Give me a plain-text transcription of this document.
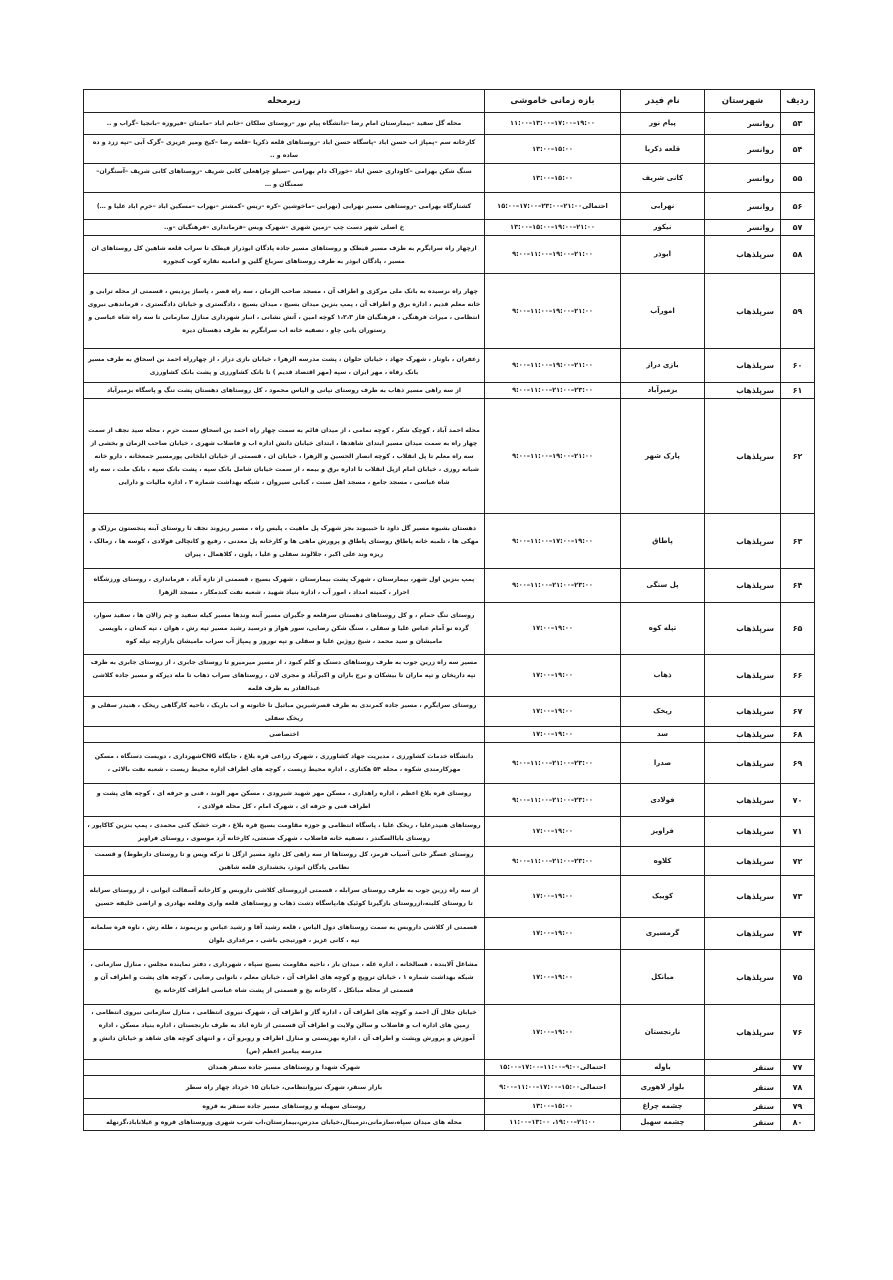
ردیف	شهرستان	نام فیدر	بازه زمانی خاموشی	زیرمحله
۵۳	روانسر	پیام نور	۱۹:۰۰–۱۷:۰۰–۱۳:۰۰–۱۱:۰۰	محله گل سفید –بیمارستان امام رضا –دانشگاه پیام نور –روستای سلکان –خانم اباد –مامتان –فیروزه –بانجیا –گراب و ..
۵۴	روانسر	قلعه ذکریا	۱۵:۰۰–۱۳:۰۰	کارخانه سم –پمپاژ اب حسن اباد –پاسگاه حسن اباد –روستاهای قلعه ذکریا –قلعه رضا –کیخ ومیر عزیزی –گرک آبی –تپه زرد و ده ساده و ..
۵۵	روانسر	کانی شریف	۱۵:۰۰–۱۳:۰۰	سنگ شکن بهرامی –کاوداری حسن اباد –خوراک دام بهرامی –سیلو چراهعلی کانی شریف –روستاهای کانی شریف –آسنگران– سمنگان و …
۵۶	روانسر	نهرابی	احتمالی۲۱:۰۰–۲۳:۰۰–۱۷:۰۰–۱۵:۰۰	کشتارگاه بهرامی –روستاهی مسیر نهرابی (نهرابی –ماخوشین –کره –ریس –کمشتر –نهراب –مسکین اباد –خرم اباد علیا و …)
۵۷	روانسر	نیکور	۲۱:۰۰–۱۹:۰۰–۱۵:۰۰–۱۳:۰۰	خ اصلی شهر دست چپ –زمین شهری –شهرک ویس –فرمانداری –فرهنگیان –و..
۵۸	سرپلذهاب	ابوذر	۲۱:۰۰–۱۹:۰۰–۱۱:۰۰–۹:۰۰	ازچهار راه سرابگرم به طرف مسیر قیطک و روستاهای مسیر جاده پادگان ابوذراز قیطک تا سراب قلعه شاهین کل روستاهای ان مسیر ، پادگان ابوذر به طرف روستاهای سرباغ گلین و امامیه نقاره کوب کنجوره
۵۹	سرپلذهاب	امورآب	۲۱:۰۰–۱۹:۰۰–۱۱:۰۰–۹:۰۰	چهار راه نرسیده به بانک ملی مرکزی و اطراف آن ، مسجد صاحب الزمان ، سه راه قصر ، پاساژ پردیس ، قسمتی از محله ترابی و خانه معلم قدیم ، اداره برق و اطراف آن ، پمپ بنزین میدان بسیج ، میدان بسیج ، دادگستری و خیابان دادگستری ، فرماندهی نیروی انتظامی ، میراث فرهنگی ، فرهنگیان فاز ۱،۲،۳ کوچه امین ، آتش نشانی ، انبار شهرداری منازل سازمانی تا سه راه شاه عباسی و رستوران بانی چاو ، تصفیه خانه اب سرابگرم به طرف دهستان دیره
۶۰	سرپلذهاب	بازی دراز	۲۱:۰۰–۱۹:۰۰–۱۱:۰۰–۹:۰۰	زعفران ، باونار ، شهرک جهاد ، خیابان حلوان ، پشت مدرسه الزهرا ، خیابان بازی دراز ، از چهارراه احمد بن اسحاق به طرف مسیر بانک رفاه ، مهر ایران ، سپه (مهر اقتصاد قدیم ) تا بانک کشاورزی و پشت بانک کشاورزی
۶۱	سرپلذهاب	بزمیرآباد	۲۳:۰۰–۲۱:۰۰–۱۱:۰۰–۹:۰۰	از سه راهی مسیر ذهاب به طرف روستای تپانی و الیاس محمود ، کل روستاهای دهستان پشت تنگ و پاسگاه بزمیرآباد
۶۲	سرپلذهاب	پارک شهر	۲۱:۰۰–۱۹:۰۰–۱۱:۰۰–۹:۰۰	محله احمد آباد ، کوچک شکر ، کوچه تمامی ، از میدان قائم به سمت چهار راه احمد بن اسحاق سمت حرم ، محله سید نجف از سمت چهار راه به سمت میدان مسیر ابتدای شاهدها ، ابتدای خیابان دانش اداره اب و فاضلاب شهری ، خیابان صاحب الزمان و بخشی از سه راه معلم تا پل انقلاب ، کوچه انصار الحسین و الزهرا ، خیابان ان ، قسمتی از خیابان ابلخانی پورمسیر جمعخانه ، دارو خانه شبانه روزی ، خیابان امام ازپل انقلاب تا اداره برق و بیمه ، از سمت خیابان شامل بانک سپه ، پشت بانک سپه ، بانک ملت ، سه راه شاه عباسی ، مسجد جامع ، مسجد اهل سنت ، کبابی سیروان ، شبکه بهداشت شماره ۲ ، اداره مالیات و دارایی
۶۳	سرپلذهاب	پاطاق	۱۹:۰۰–۱۷:۰۰–۱۱:۰۰–۹:۰۰	دهستان بشیوه مسیر گل داود تا حبیبوند بجز شهرک پل ماهیت ، پلیس راه ، مسیر ریزوند نجف تا روستای آبنه پنجستون برزلک و مهکی ها ، تلمبه خانه پاطاق روستای پاطاق و پرورش ماهی ها و کارخانه پل معدنی ، رفیع و کانچالی فولادی ، کوسه ها ، زمالک ، ریزه وند علی اکبر ، جلالوند سفلی و علیا ، پلون ، کلاهمال ، پیران
۶۴	سرپلذهاب	پل سنگی	۲۳:۰۰–۲۱:۰۰–۱۱:۰۰–۹:۰۰	پمپ بنزین اول شهر، بیمارستان ، شهرک پشت بیمارستان ، شهرک بسیج ، قسمتی از تازه آباد ، فرمانداری ، روستای ورزشگاه احرار ، کمیته امداد ، امور آب ، اداره بنیاد شهید ، شعبه نفت کندمکار ، مسجد الزهرا
۶۵	سرپلذهاب	تپله کوه	۱۹:۰۰–۱۷:۰۰	روستای تنگ حمام ، و کل روستاهای دهستان سرقلعه و جگیران مسیر آبنه وندها مسیر کیله سفید و چم زالان ها ، سفید سوار، گرده نو آمام عباس علیا و سفلی ، سنگ شکن رضایی، سور هوار و درسید رشید مسیر تپه رش ، هوان ، تپه کنعان ، باویسی مامیشان و سید محمد ، شیخ روژین علیا و سفلی و تپه نوروز و پمپاژ آب سراب مامیشان بازارچه تپله کوه
۶۶	سرپلذهاب	ذهاب	۱۹:۰۰–۱۷:۰۰	مسیر سه راه زرین جوب به طرف روستاهای دستک و کلم کبود ، از مسیر میرمیرو تا روستای جابری ، از روستای جابری به طرف تپه داریخان و تپه ماران تا بیشکان و برج باران و اکبرآباد و مجری لان ، روستاهای سراب ذهاب تا مله دیزکه و مسیر جاده کلاشی عبدالقادر به طرف قلمه
۶۷	سرپلذهاب	ریخک	۱۹:۰۰–۱۷:۰۰	روستای سرابگرم ، مسیر جاده کمرندی به طرف قصرشیرین مباتیل تا خانوته و اب باریک ، تاحیه کارگاهی ریخک ، هنیدر سفلی و ریخک سفلی
۶۸	سرپلذهاب	سد	۱۹:۰۰–۱۷:۰۰	اختصاصی
۶۹	سرپلذهاب	صدرا	۲۳:۰۰–۲۱:۰۰–۱۱:۰۰–۹:۰۰	دانشگاه خدمات کشاورزی ، مدیریت جهاد کشاورزی ، شهرک زراعی قره بلاغ ، جایگاه CNGشهرداری ، دویست دستگاه ، مسکن مهرکارمندی شکوه ، محله ۵۴ هکتاری ، اداره محیط زیست ، کوچه های اطراف اداره محیط زیست ، شعبه نفت بالائی ،
۷۰	سرپلذهاب	فولادی	۲۳:۰۰–۲۱:۰۰–۱۱:۰۰–۹:۰۰	روستای قره بلاغ اعظم ، اداره راهداری ، مسکن مهر شهید شیرودی ، مسکن مهر الوند ، فنی و حرفه ای ، کوچه های پشت و اطراف فنی و حرفه ای ، شهرک امام ، کل محله فولادی ،
۷۱	سرپلذهاب	فراویز	۱۹:۰۰–۱۷:۰۰	روستاهای هنیدرعلیا ، ریخک علیا ، پاسگاه انتظامی و حوزه مقاومت بسیج قره بلاغ ، فرت خشک کنی محمدی ، پمپ بنزین کاکاپور ، روستای باباالسکندر ، تصفیه خانه فاضلاب ، شهرک صنعتی، کارخانه آرد موسوی ، روستای فراویز
۷۲	سرپلذهاب	کلاوه	۲۳:۰۰–۲۱:۰۰–۱۱:۰۰–۹:۰۰	روستای عسگر خانی آسیاب قرمز، کل روستاها از سه راهی کل داود مسیر ازگل تا ترکه ویس و تا روستای دارطوط) و قسمت نظامی پادگان ابوذر، بخشداری قلعه شاهین
۷۳	سرپلذهاب	کوییک	۱۹:۰۰–۱۷:۰۰	از سه راه زرین جوب به طرف روستای سرابله ، قسمتی ازروستای کلاشی داروبس و کارخانه آسفالت ایوانی ، از روستای سرابله تا روستای کلینه،ازروستای بازگیرتا کوئیک ها،پاسگاه دشت ذهاب و روستاهای قلعه واری وقلعه بهادری و اراضی خلیفه حسین
۷۴	سرپلذهاب	گرمسیری	۱۹:۰۰–۱۷:۰۰	قسمتی از کلاشی داروبس به سمت روستاهای دول الیاس ، قلعه رشید آقا و رشید عباس و بریموند ، طله رش ، ناوه فره سلمانه تپه ، کانی عزیز ، قورتیجی باشی ، مرغداری بلوان
۷۵	سرپلذهاب	مبانکل	۱۹:۰۰–۱۷:۰۰	مشاغل آلاینده ، قسالخانه ، اداره غله ، میدان بار ، ناحیه مقاومت بسیج سپاه ، شهرداری ، دفتر نماینده مجلس ، منازل سازمانی ، شبکه بهداشت شماره ۱ ، خیابان ترویج و کوچه های اطراف آن ، خیابان معلم ، نانوایی رضایی ، کوچه های پشت و اطراف آن و قسمتی از محله مبانکل ، کارخانه یخ و قسمتی از پشت شاه عباسی اطراف کارخانه یخ
۷۶	سرپلذهاب	نارنجستان	۱۹:۰۰–۱۷:۰۰	خیابان جلال آل احمد و کوچه های اطراف آن ، اداره گاز و اطراف آن ، شهرک نیروی انتظامی ، منازل سازمانی نیروی انتظامی ، زمین های اداره اب و فاضلاب و سالن ولایت و اطراف آن قسمتی از تازه اباد به طرف نارنجستان ، اداره بنیاد مسکن ، اداره آموزش و پرورش وپشت و اطراف آن ، اداره بهزیستی و منازل اطراف و روبرو آن ، و انتهای کوچه های شاهد و خیابان دانش و مدرسه پیامبر اعظم (ص)
۷۷	سنقر	باوله	احتمالی۹:۰۰–۱۱:۰۰–۱۷:۰۰–۱۵:۰۰	شهرک شهدا و روستاهای مسیر جاده سنقر همدان
۷۸	سنقر	بلوار لاهوری	احتمالی۱۵:۰۰–۱۷:۰۰–۱۱:۰۰–۹:۰۰	بازار سنقر، شهرک نیروانتظامی، خیابان ۱۵ خرداد چهار راه سطر
۷۹	سنقر	چشمه چراغ	۱۵:۰۰–۱۳:۰۰	روستای سهبله و روستاهای مسیر جاده سنقر به قروه
۸۰	سنقر	چشمه سهیل	۲۱:۰۰–۱۹:۰۰، ۱۳:۰۰–۱۱:۰۰	محله های میدان سپاه،سازمانی،ترمینال،خیابان مدرس،بیمارستان،اب شرب شهری وروستاهای قروه و غیلاناباد،گزنهله
